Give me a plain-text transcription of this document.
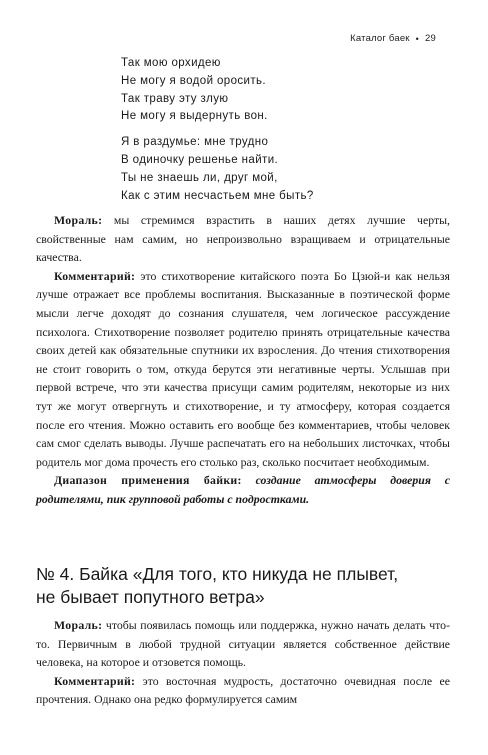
Каталог баек • 29

Так мою орхидею
Не могу я водой оросить.
Так траву эту злую
Не могу я выдернуть вон.

Я в раздумье: мне трудно
В одиночку решенье найти.
Ты не знаешь ли, друг мой,
Как с этим несчастьем мне быть?

Мораль: мы стремимся взрастить в наших детях лучшие черты, свойственные нам самим, но непроизвольно взращиваем и отрицательные качества.

Комментарий: это стихотворение китайского поэта Бо Цзюй-и как нельзя лучше отражает все проблемы воспитания. Высказанные в поэтической форме мысли легче доходят до сознания слушателя, чем логическое рассуждение психолога. Стихотворение позволяет родителю принять отрицательные качества своих детей как обязательные спутники их взросления. До чтения стихотворения не стоит говорить о том, откуда берутся эти негативные черты. Услышав при первой встрече, что эти качества присущи самим родителям, некоторые из них тут же могут отвергнуть и стихотворение, и ту атмосферу, которая создается после его чтения. Можно оставить его вообще без комментариев, чтобы человек сам смог сделать выводы. Лучше распечатать его на небольших листочках, чтобы родитель мог дома прочесть его столько раз, сколько посчитает необходимым.

Диапазон применения байки: создание атмосферы доверия с родителями, пик групповой работы с подростками.

№ 4. Байка «Для того, кто никуда не плывет,
не бывает попутного ветра»

Мораль: чтобы появилась помощь или поддержка, нужно начать делать что-то. Первичным в любой трудной ситуации является собственное действие человека, на которое и отзовется помощь.

Комментарий: это восточная мудрость, достаточно очевидная после ее прочтения. Однако она редко формулируется самим
